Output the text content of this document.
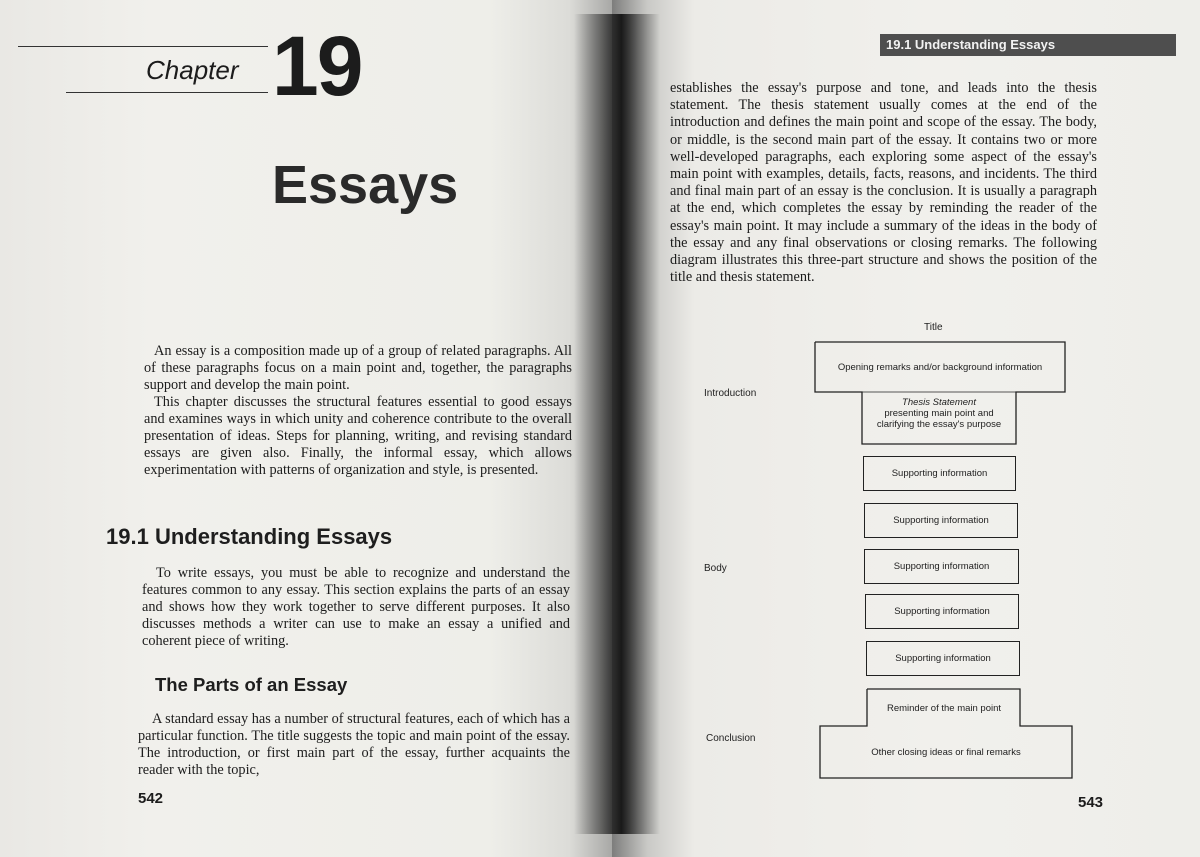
Chapter 19
Essays

An essay is a composition made up of a group of related paragraphs. All of these paragraphs focus on a main point and, together, the paragraphs support and develop the main point.

This chapter discusses the structural features essential to good essays and examines ways in which unity and coherence contribute to the overall presentation of ideas. Steps for planning, writing, and revising standard essays are given also. Finally, the informal essay, which allows experimentation with patterns of organization and style, is presented.

19.1 Understanding Essays

To write essays, you must be able to recognize and understand the features common to any essay. This section explains the parts of an essay and shows how they work together to serve different purposes. It also discusses methods a writer can use to make an essay a unified and coherent piece of writing.

The Parts of an Essay

A standard essay has a number of structural features, each of which has a particular function. The title suggests the topic and main point of the essay. The introduction, or first main part of the essay, further acquaints the reader with the topic,

542
19.1 Understanding Essays

establishes the essay's purpose and tone, and leads into the thesis statement. The thesis statement usually comes at the end of the introduction and defines the main point and scope of the essay. The body, or middle, is the second main part of the essay. It contains two or more well-developed paragraphs, each exploring some aspect of the essay's main point with examples, details, facts, reasons, and incidents. The third and final main part of an essay is the conclusion. It is usually a paragraph at the end, which completes the essay by reminding the reader of the essay's main point. It may include a summary of the ideas in the body of the essay and any final observations or closing remarks. The following diagram illustrates this three-part structure and shows the position of the title and thesis statement.

Title
Introduction
Body
Conclusion
Opening remarks and/or background information
Thesis Statement
presenting main point and clarifying the essay's purpose
Supporting information
Supporting information
Supporting information
Supporting information
Supporting information
Reminder of the main point
Other closing ideas or final remarks
543
